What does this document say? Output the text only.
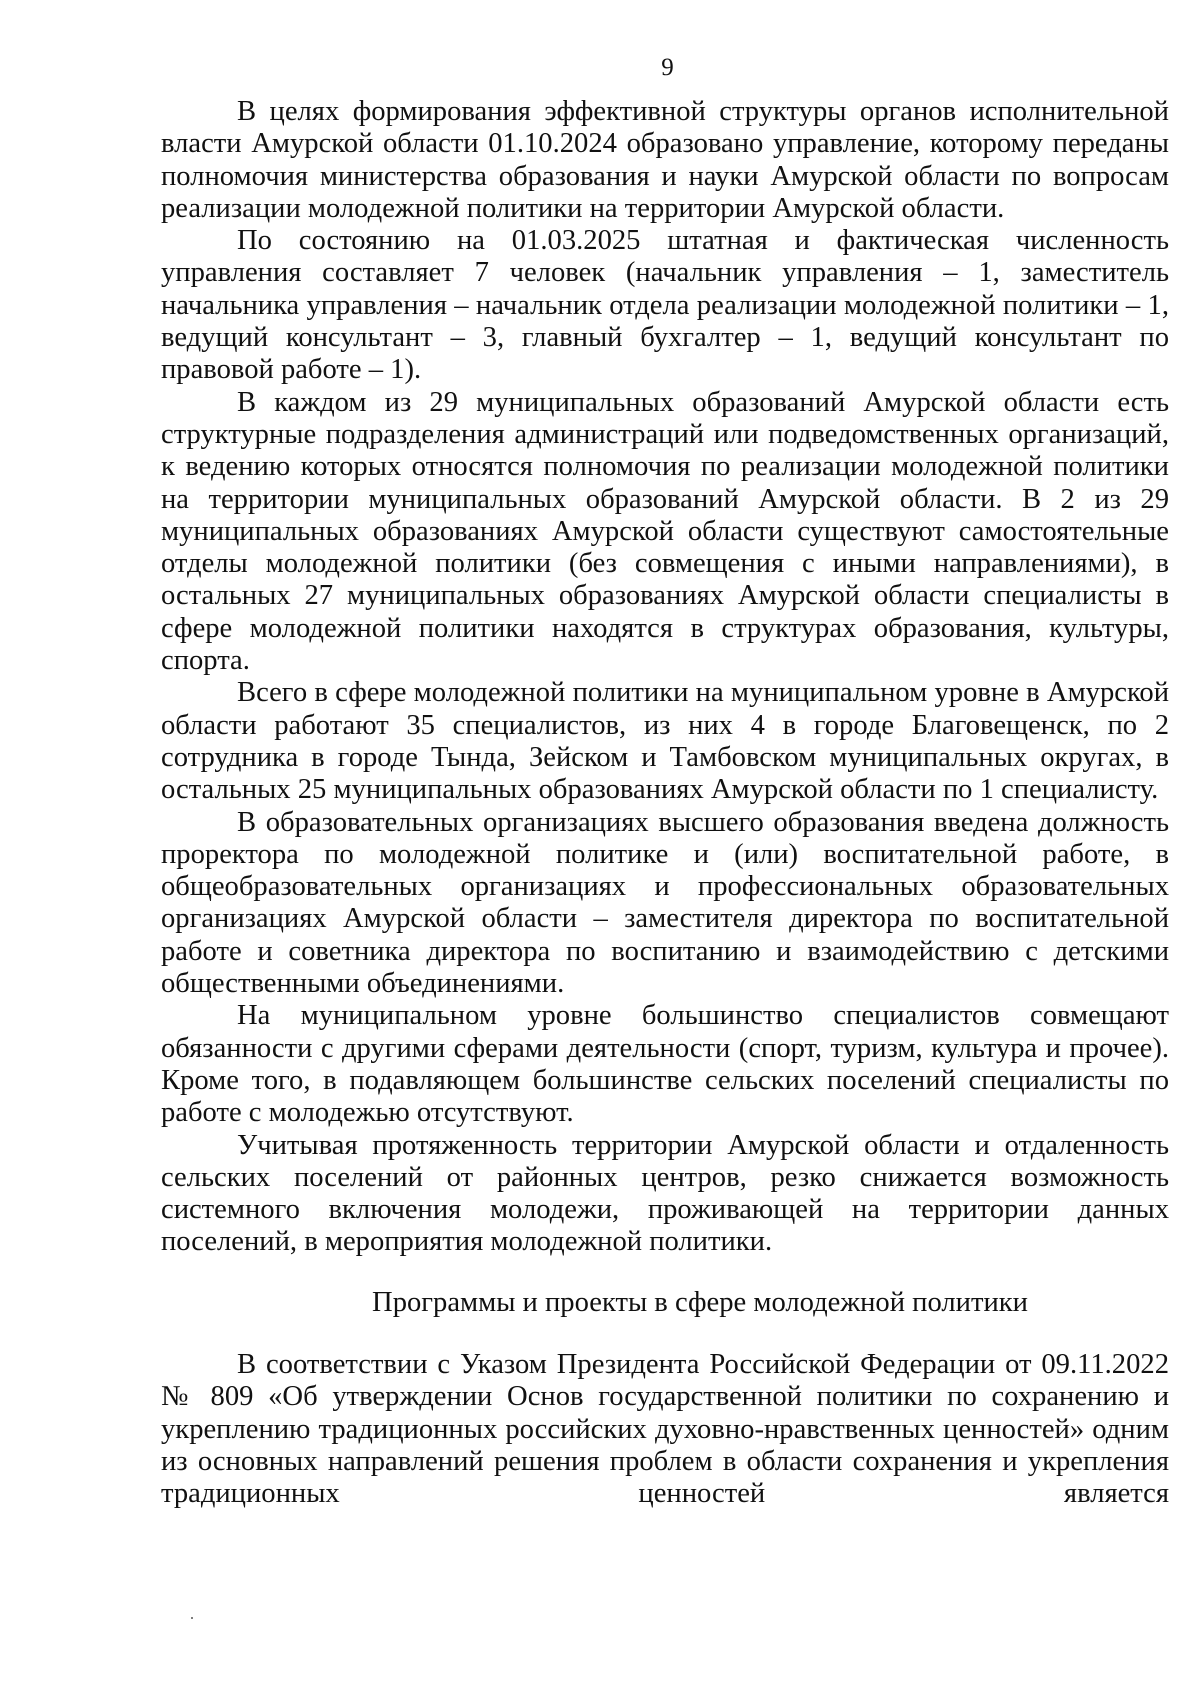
9

В целях формирования эффективной структуры органов исполнительной власти Амурской области 01.10.2024 образовано управление, которому переданы полномочия министерства образования и науки Амурской области по вопросам реализации молодежной политики на территории Амурской области.

По состоянию на 01.03.2025 штатная и фактическая численность управления составляет 7 человек (начальник управления – 1, заместитель начальника управления – начальник отдела реализации молодежной политики – 1, ведущий консультант – 3, главный бухгалтер – 1, ведущий консультант по правовой работе – 1).

В каждом из 29 муниципальных образований Амурской области есть структурные подразделения администраций или подведомственных организаций, к ведению которых относятся полномочия по реализации молодежной политики на территории муниципальных образований Амурской области. В 2 из 29 муниципальных образованиях Амурской области существуют самостоятельные отделы молодежной политики (без совмещения с иными направлениями), в остальных 27 муниципальных образованиях Амурской области специалисты в сфере молодежной политики находятся в структурах образования, культуры, спорта.

Всего в сфере молодежной политики на муниципальном уровне в Амурской области работают 35 специалистов, из них 4 в городе Благовещенск, по 2 сотрудника в городе Тында, Зейском и Тамбовском муниципальных округах, в остальных 25 муниципальных образованиях Амурской области по 1 специалисту.

В образовательных организациях высшего образования введена должность проректора по молодежной политике и (или) воспитательной работе, в общеобразовательных организациях и профессиональных образовательных организациях Амурской области – заместителя директора по воспитательной работе и советника директора по воспитанию и взаимодействию с детскими общественными объединениями.

На муниципальном уровне большинство специалистов совмещают обязанности с другими сферами деятельности (спорт, туризм, культура и прочее). Кроме того, в подавляющем большинстве сельских поселений специалисты по работе с молодежью отсутствуют.

Учитывая протяженность территории Амурской области и отдаленность сельских поселений от районных центров, резко снижается возможность системного включения молодежи, проживающей на территории данных поселений, в мероприятия молодежной политики.

Программы и проекты в сфере молодежной политики

В соответствии с Указом Президента Российской Федерации от 09.11.2022 № 809 «Об утверждении Основ государственной политики по сохранению и укреплению традиционных российских духовно-нравственных ценностей» одним из основных направлений решения проблем в области сохранения и укрепления традиционных ценностей является
